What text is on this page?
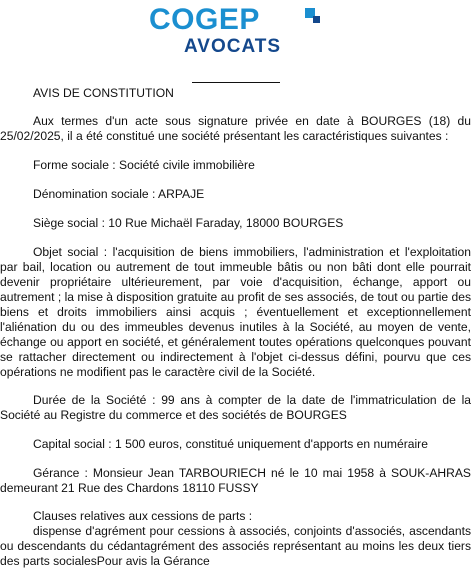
COGEP
AVOCATS
AVIS DE CONSTITUTION
Aux termes d'un acte sous signature privée en date à BOURGES (18) du 25/02/2025, il a été constitué une société présentant les caractéristiques suivantes :
Forme sociale : Société civile immobilière
Dénomination sociale : ARPAJE
Siège social : 10 Rue Michaël Faraday, 18000 BOURGES
Objet social : l'acquisition de biens immobiliers, l'administration et l'exploitation par bail, location ou autrement de tout immeuble bâtis ou non bâti dont elle pourrait devenir propriétaire ultérieurement, par voie d'acquisition, échange, apport ou autrement ; la mise à disposition gratuite au profit de ses associés, de tout ou partie des biens et droits immobiliers ainsi acquis ; éventuellement et exceptionnellement l'aliénation du ou des immeubles devenus inutiles à la Société, au moyen de vente, échange ou apport en société, et généralement toutes opérations quelconques pouvant se rattacher directement ou indirectement à l'objet ci-dessus défini, pourvu que ces opérations ne modifient pas le caractère civil de la Société.
Durée de la Société : 99 ans à compter de la date de l'immatriculation de la Société au Registre du commerce et des sociétés de BOURGES
Capital social : 1 500 euros, constitué uniquement d'apports en numéraire
Gérance : Monsieur Jean TARBOURIECH né le 10 mai 1958 à SOUK-AHRAS demeurant 21 Rue des Chardons 18110 FUSSY
Clauses relatives aux cessions de parts :
dispense d'agrément pour cessions à associés, conjoints d'associés, ascendants ou descendants du cédantagrément des associés représentant au moins les deux tiers des parts socialesPour avis la Gérance
